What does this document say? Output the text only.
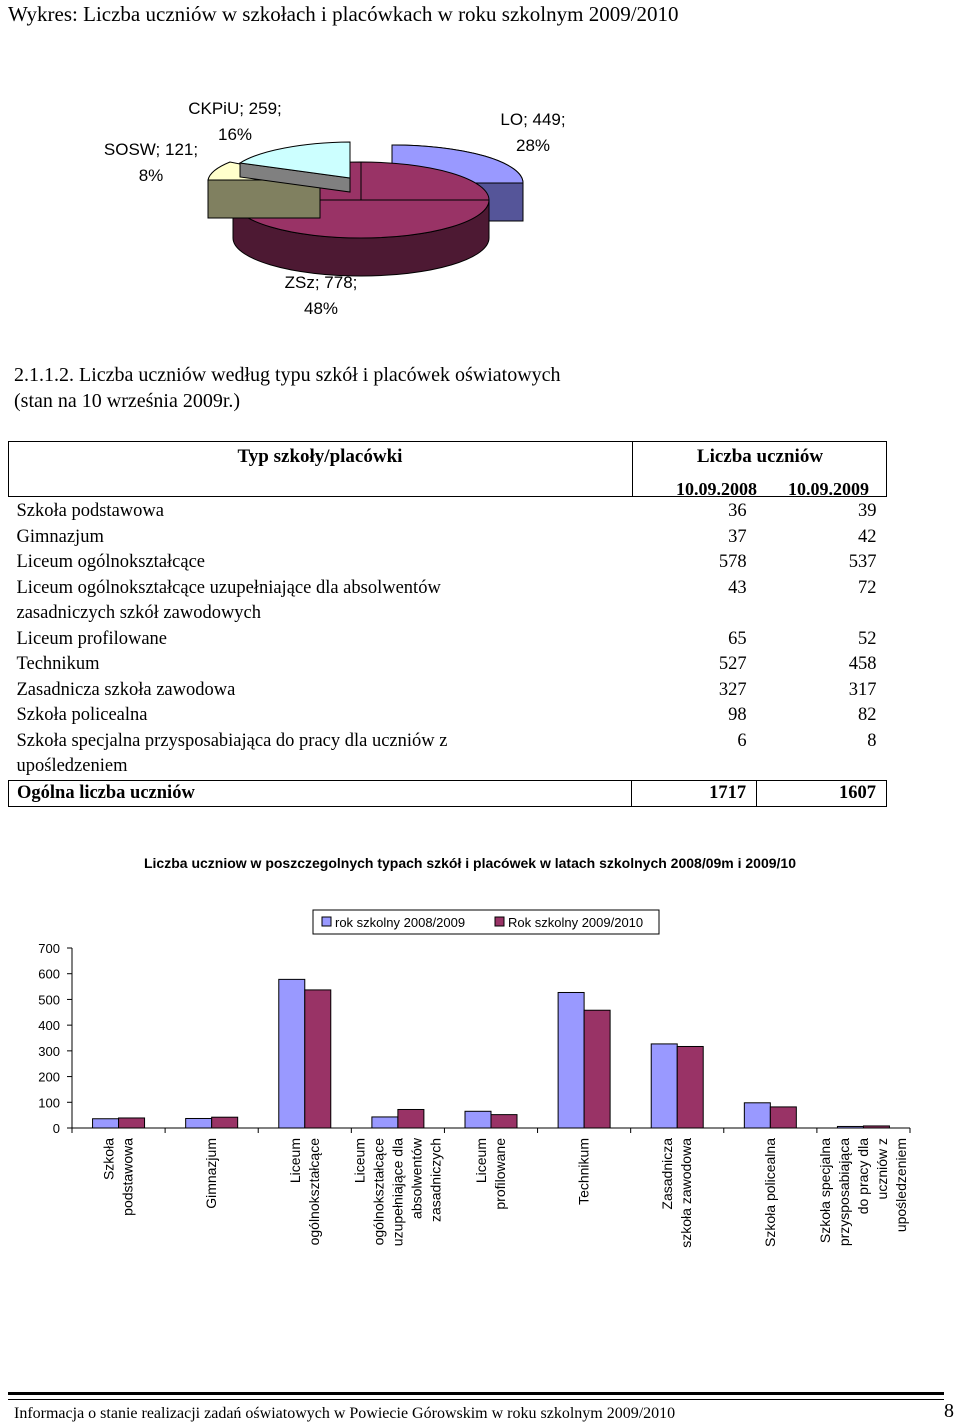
Wykres: Liczba uczniów w szkołach i placówkach w roku szkolnym 2009/2010
CKPiU; 259;
16%
SOSW; 121;
8%
LO; 449;
28%
ZSz; 778;
48%
2.1.1.2. Liczba uczniów według typu szkół i placówek oświatowych
(stan na 10 września 2009r.)
Typ szkoły/placówki	Liczba uczniów
10.09.2008 10.09.2009
Szkoła podstawowa	36	39
Gimnazjum	37	42
Liceum ogólnokształcące	578	537
Liceum ogólnokształcące uzupełniające dla absolwentów zasadniczych szkół zawodowych	43	72
Liceum profilowane	65	52
Technikum	527	458
Zasadnicza szkoła zawodowa	327	317
Szkoła policealna	98	82
Szkoła specjalna przysposabiająca do pracy dla uczniów z upośledzeniem	6	8
Ogólna liczba uczniów	1717	1607
Liczba uczniow w poszczegolnych typach szkół i placówek w latach szkolnych 2008/09m i 2009/10
0
100
200
300
400
500
600
700
Szkoła podstawowa	Gimnazjum	Liceum ogólnokształcące Liceum ogólnokształcące uzupełniające dla absolwentów zasadniczych Liceum profilowane	Technikum	Zasadnicza szkoła zawodowa	Szkoła policealna	Szkoła specjalna przysposabiająca do pracy dla uczniów z upośledzeniem
rok szkolny 2008/2009	Rok szkolny 2009/2010
Informacja o stanie realizacji zadań oświatowych w Powiecie Górowskim w roku szkolnym 2009/2010	8
